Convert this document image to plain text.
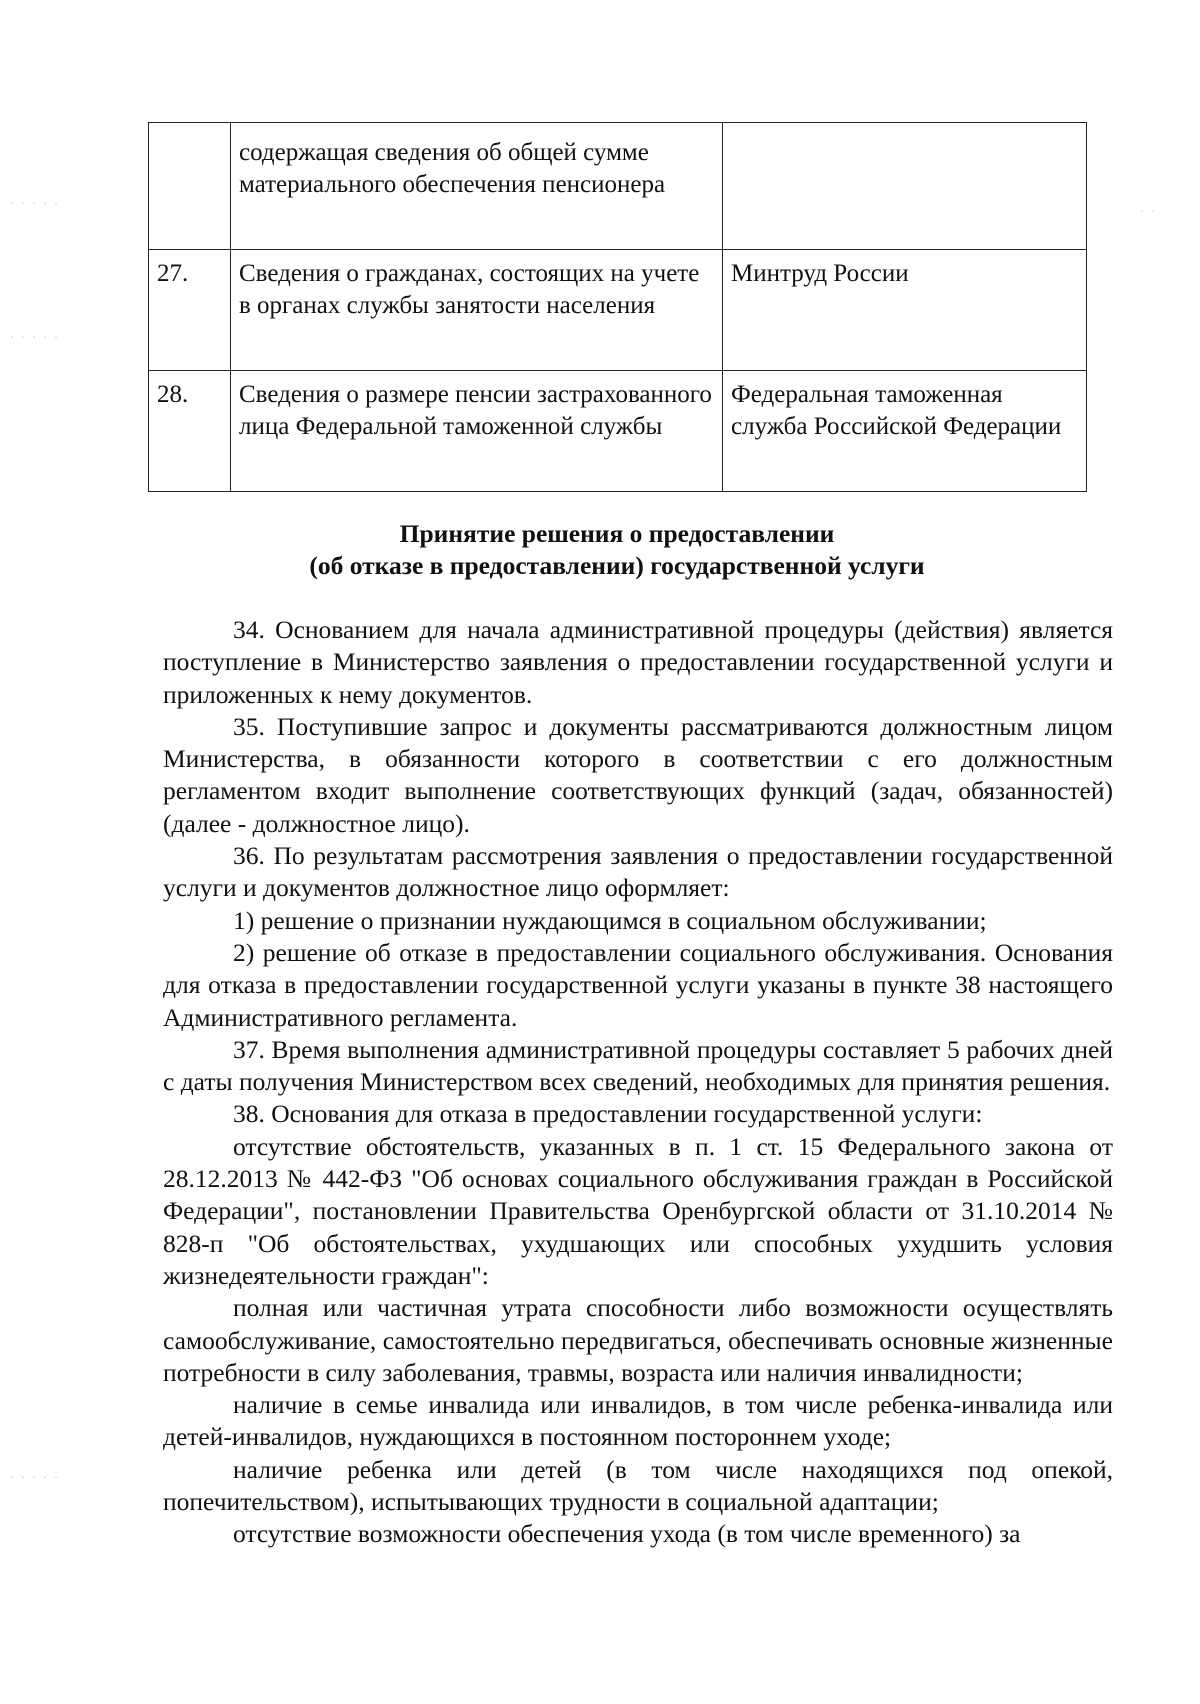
	содержащая сведения об общей сумме материального обеспечения пенсионера	
27.	Сведения о гражданах, состоящих на учете в органах службы занятости населения	Минтруд России
28.	Сведения о размере пенсии застрахованного лица Федеральной таможенной службы	Федеральная таможенная служба Российской Федерации
Принятие решения о предоставлении
(об отказе в предоставлении) государственной услуги

34. Основанием для начала административной процедуры (действия) является поступление в Министерство заявления о предоставлении государственной услуги и приложенных к нему документов.

35. Поступившие запрос и документы рассматриваются должностным лицом Министерства, в обязанности которого в соответствии с его должностным регламентом входит выполнение соответствующих функций (задач, обязанностей) (далее - должностное лицо).

36. По результатам рассмотрения заявления о предоставлении государственной услуги и документов должностное лицо оформляет:

1) решение о признании нуждающимся в социальном обслуживании;

2) решение об отказе в предоставлении социального обслуживания. Основания для отказа в предоставлении государственной услуги указаны в пункте 38 настоящего Административного регламента.

37. Время выполнения административной процедуры составляет 5 рабочих дней с даты получения Министерством всех сведений, необходимых для принятия решения.

38. Основания для отказа в предоставлении государственной услуги:

отсутствие обстоятельств, указанных в п. 1 ст. 15 Федерального закона от 28.12.2013 № 442-ФЗ "Об основах социального обслуживания граждан в Российской Федерации", постановлении Правительства Оренбургской области от 31.10.2014 № 828-п "Об обстоятельствах, ухудшающих или способных ухудшить условия жизнедеятельности граждан":

полная или частичная утрата способности либо возможности осуществлять самообслуживание, самостоятельно передвигаться, обеспечивать основные жизненные потребности в силу заболевания, травмы, возраста или наличия инвалидности;

наличие в семье инвалида или инвалидов, в том числе ребенка-инвалида или детей-инвалидов, нуждающихся в постоянном постороннем уходе;

наличие ребенка или детей (в том числе находящихся под опекой, попечительством), испытывающих трудности в социальной адаптации;

отсутствие возможности обеспечения ухода (в том числе временного) за

· · · · ·
· · · · ·
· · · · ·
· ·
